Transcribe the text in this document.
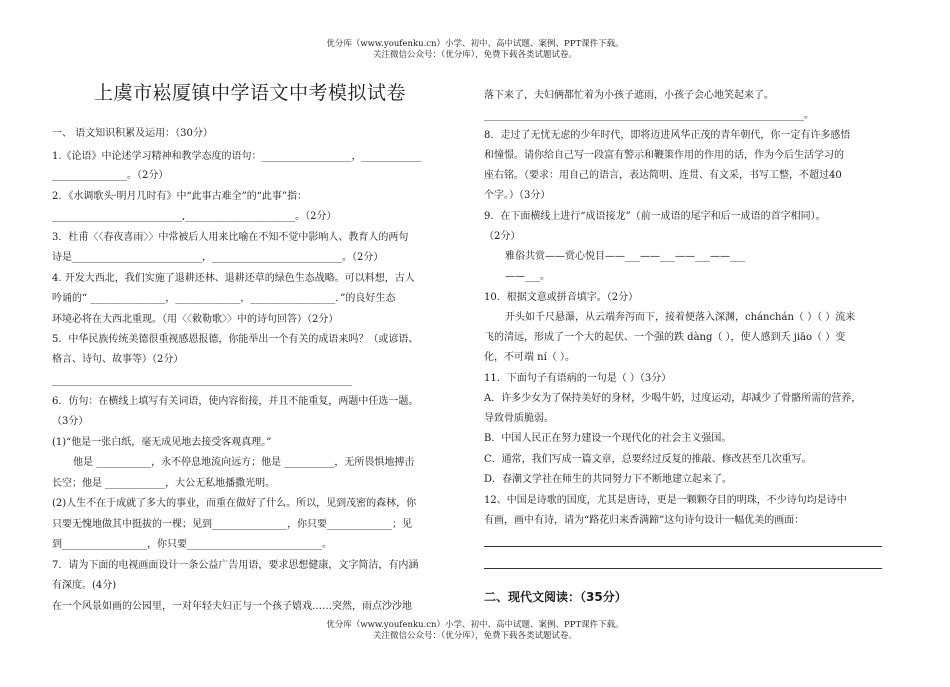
优分库（www.youfenku.cn）小学、初中、高中试题、案例、PPT课件下载。
关注微信公众号：（优分库），免费下载各类试题试卷。
上虞市崧厦镇中学语文中考模拟试卷

一、 语文知识积累及运用：（30分）

1.《论语》中论述学习精神和教学态度的语句：__________________，____________

_______________。（2分）

2．《水调歌头·明月几时有》中“此事古难全”的“此事”指：

__________________________,______________________。（2分）

3．杜甫〈〈春夜喜雨〉〉中常被后人用来比喻在不知不觉中影响人、教育人的两句

诗是__________________________，__________________________。（2分）

4. 开发大西北，我们实施了退耕还林、退耕还草的绿色生态战略。可以料想，古人

吟诵的“ _______________，_____________，_________________．”的良好生态

环境必将在大西北重现。（用〈〈敕勒歌〉〉中的诗句回答）（2分）

5．中华民族传统美德很重视感恩报德，你能举出一个有关的成语来吗？（或谚语、

格言、诗句、故事等）（2分）

____________________________________________________________

6．仿句：在横线上填写有关词语，使内容衔接，并且不能重复，两题中任选一题。

（3分）

(1)“他是一张白纸，毫无成见地去接受客观真理。”

他是 ___________，永不停息地流向远方；他是 __________，无所畏惧地搏击

长空；他是 ____________，大公无私地播撒光明。

(2)人生不在于成就了多大的事业，而重在做好了什么。所以，见到茂密的森林，你

只要无愧地做其中挺拔的一棵；见到_______________，你只要_____________；见

到_________________，你只要___________________________。

7．请为下面的电视画面设计一条公益广告用语，要求思想健康，文字简洁，有内涵

有深度。(4分)

在一个风景如画的公园里，一对年轻夫妇正与一个孩子嬉戏……突然，雨点沙沙地

落下来了，夫妇俩都忙着为小孩子遮雨，小孩子会心地笑起来了。

________________________________________________________________。

8．走过了无忧无虑的少年时代，即将迈进风华正茂的青年朝代，你一定有许多感悟

和憧憬。请你给自己写一段富有警示和鞭策作用的作用的话，作为今后生活学习的

座右铭。（要求：用自己的语言，表达简明、连贯、有文采，书写工整，不超过40

个字。）（3分）

9．在下面横线上进行“成语接龙”（前一成语的尾字和后一成语的首字相同）。

（2分）

雅俗共赏——赏心悦目——___——___——___——___

——___。

10．根据文意或拼音填字。（2分）

开头如千尺悬瀑，从云端奔泻而下，接着便落入深渊，chánchán（ ）（ ）流来

飞的清远，形成了一个大的起伏、一个强的跌 dàng（ ），使人感到夭 jiāo（ ）变

化，不可端 ní（ ）。

11．下面句子有语病的一句是（ ）（3分）

A．许多少女为了保持美好的身材，少喝牛奶，过度运动，却减少了骨骼所需的营养，

导致骨质脆弱。

B．中国人民正在努力建设一个现代化的社会主义强国。

C．通常，我们写成一篇文章，总要经过反复的推敲、修改甚至几次重写。

D．春潮文学社在师生的共同努力下不断地建立起来了。

12、中国是诗歌的国度，尤其是唐诗，更是一颗颗夺目的明珠，不少诗句均是诗中

有画，画中有诗，请为“路花归来香满蹄”这句诗句设计一幅优美的画面：

二、现代文阅读：（35分）

优分库（www.youfenku.cn）小学、初中、高中试题、案例、PPT课件下载。
关注微信公众号：（优分库），免费下载各类试题试卷。
